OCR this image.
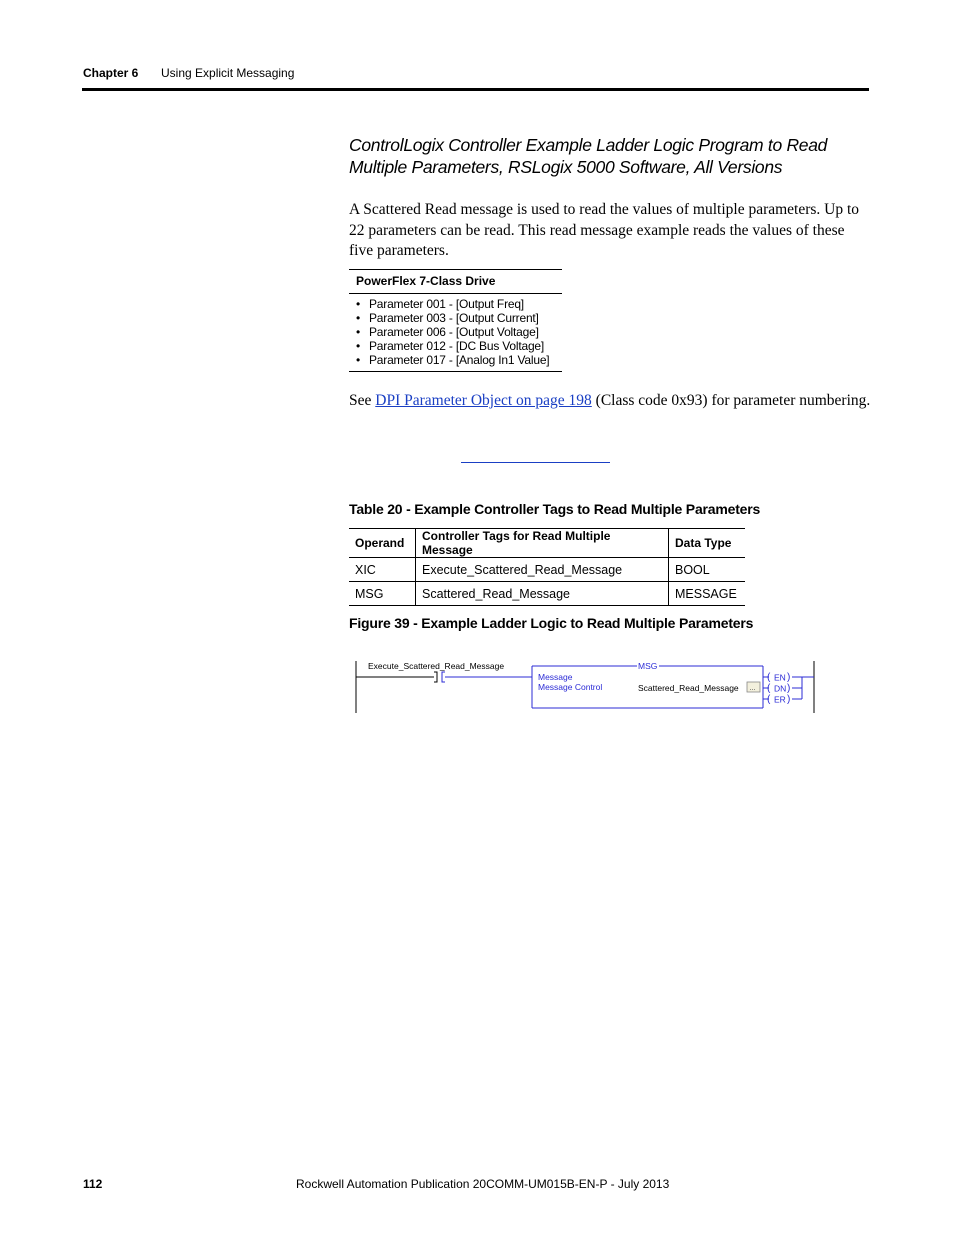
Chapter 6 Using Explicit Messaging
ControlLogix Controller Example Ladder Logic Program to Read Multiple Parameters, RSLogix 5000 Software, All Versions
A Scattered Read message is used to read the values of multiple parameters. Up to 22 parameters can be read. This read message example reads the values of these five parameters.
PowerFlex 7-Class Drive
• Parameter 001 - [Output Freq]
• Parameter 003 - [Output Current]
• Parameter 006 - [Output Voltage]
• Parameter 012 - [DC Bus Voltage]
• Parameter 017 - [Analog In1 Value]
See DPI Parameter Object on page 198 (Class code 0x93) for parameter numbering.
Table 20 - Example Controller Tags to Read Multiple Parameters
Operand	Controller Tags for Read Multiple Message	Data Type
XIC	Execute_Scattered_Read_Message	BOOL
MSG	Scattered_Read_Message	MESSAGE
Figure 39 - Example Ladder Logic to Read Multiple Parameters
Execute_Scattered_Read_Message	MSG
Message
Message Control	Scattered_Read_Message ...
( EN )
( DN )
( ER )
112	Rockwell Automation Publication 20COMM-UM015B-EN-P - July 2013
